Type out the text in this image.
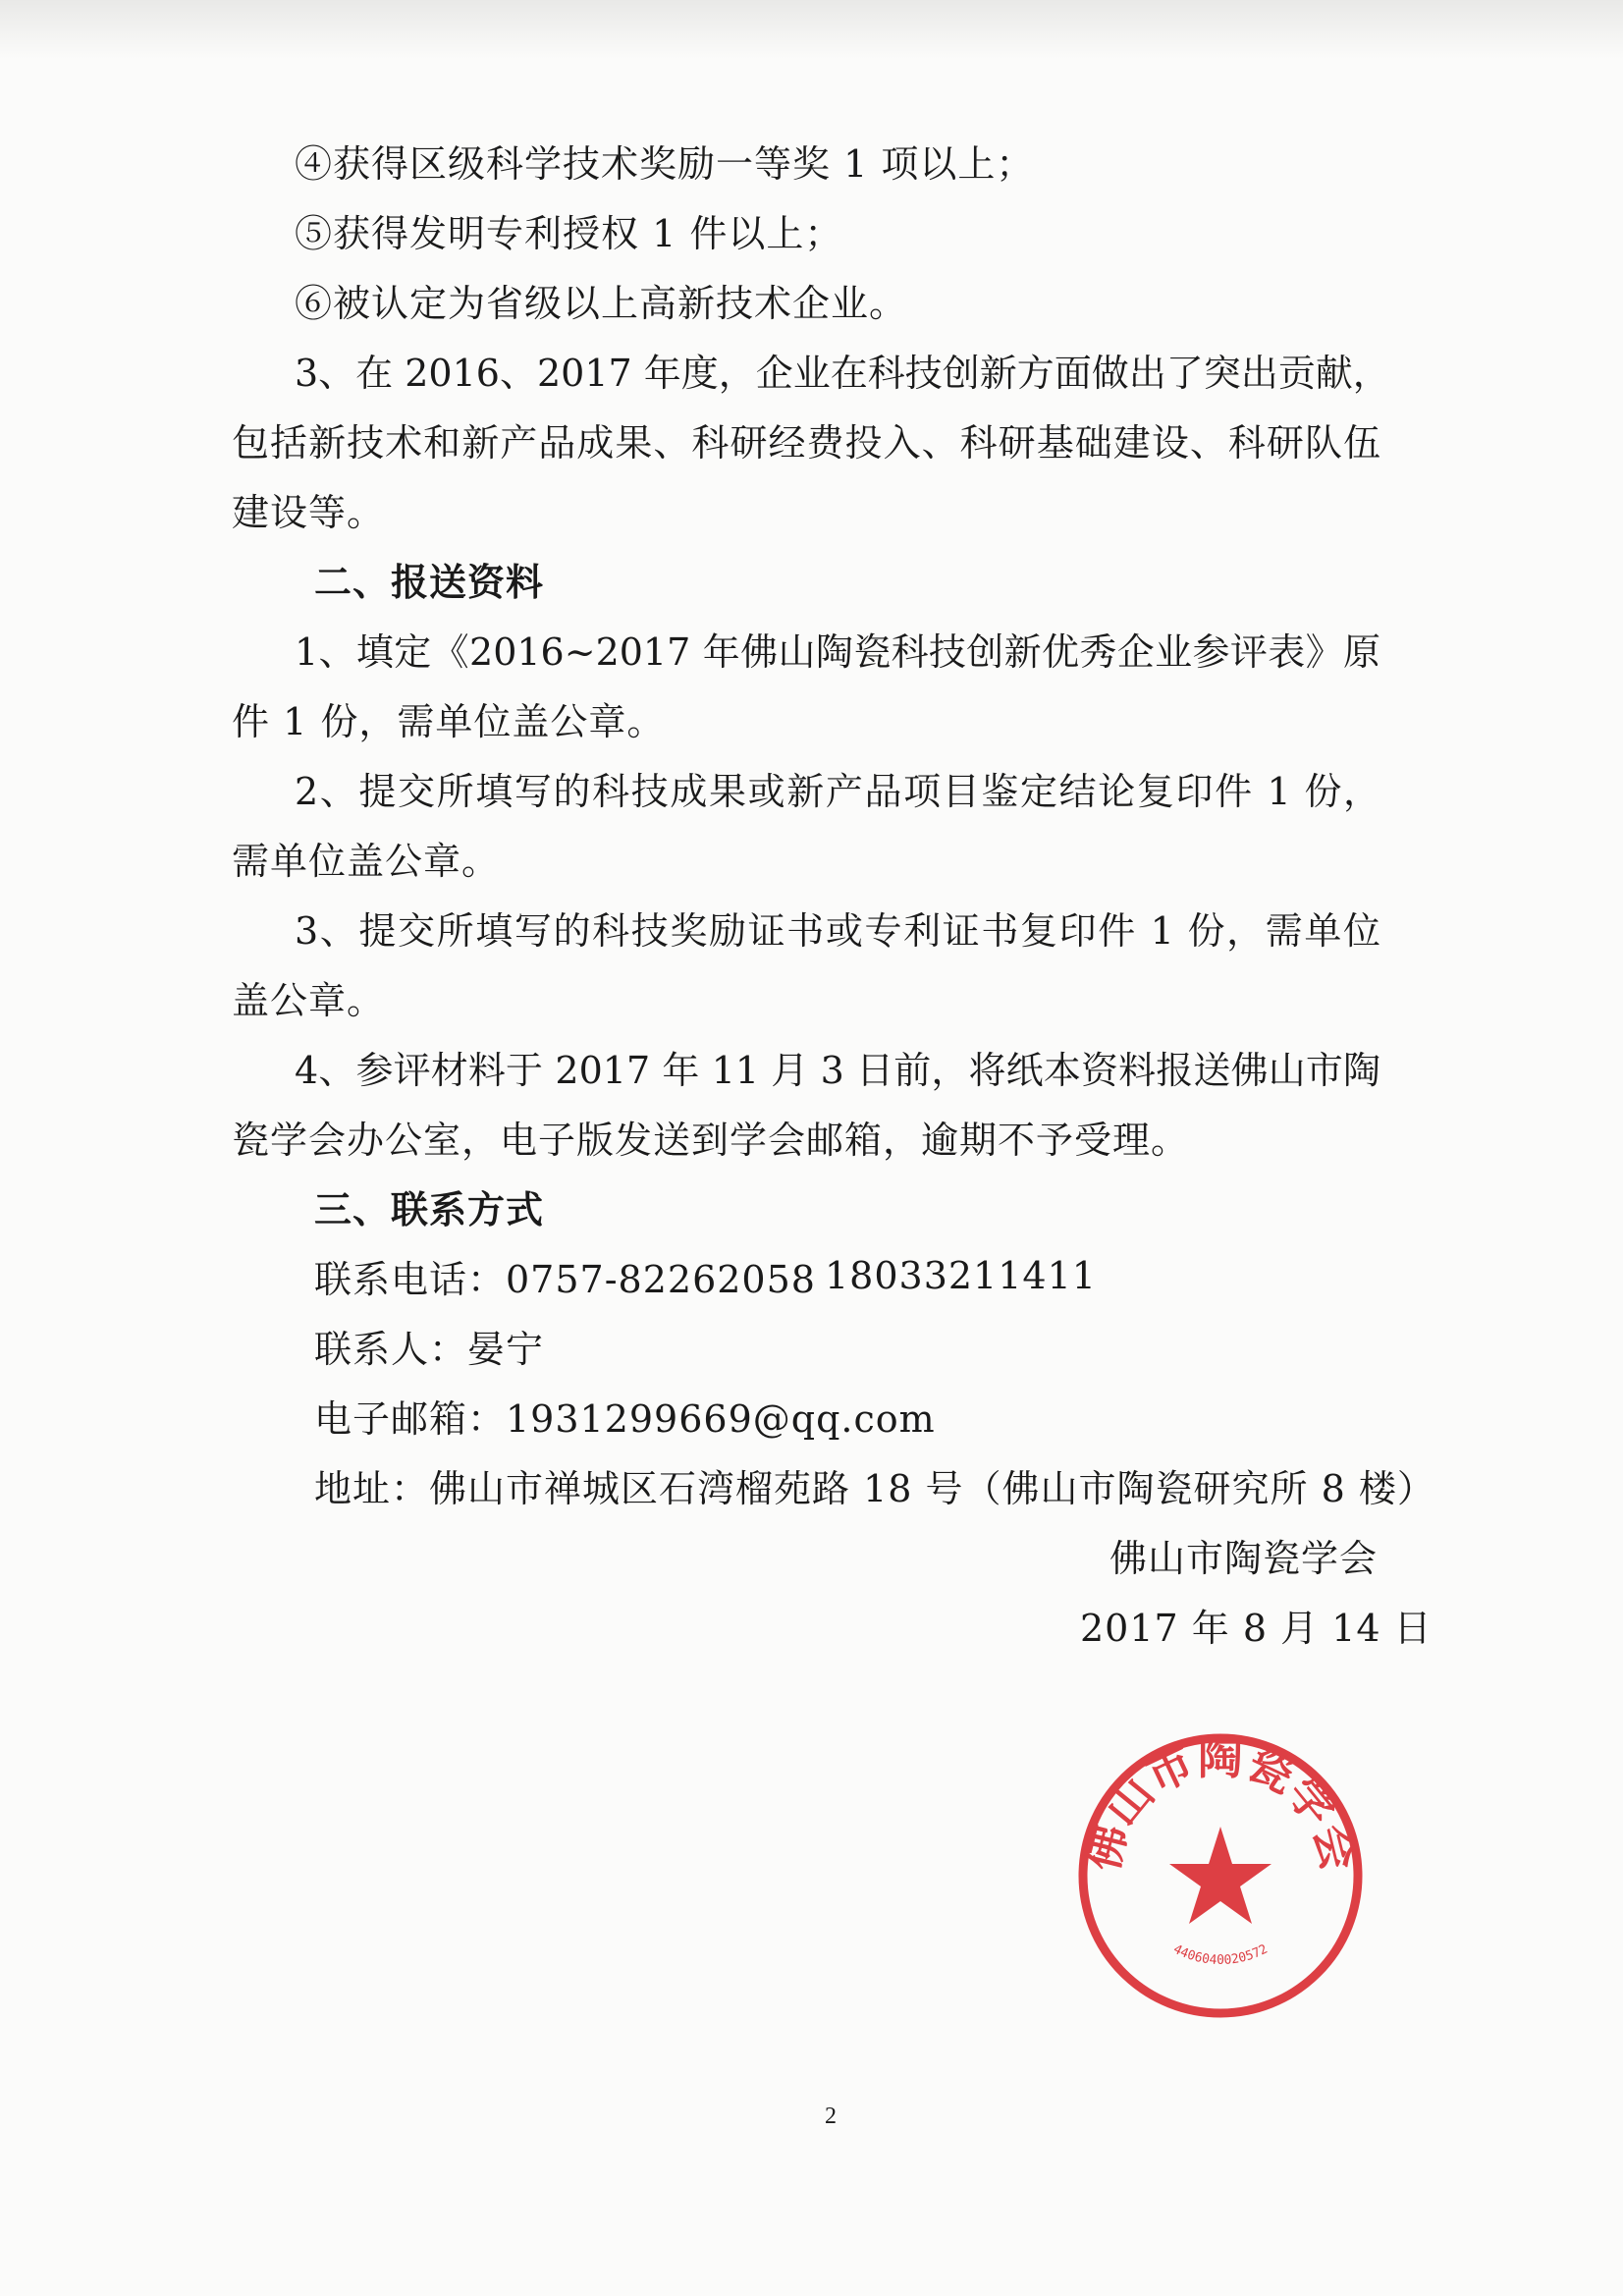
④获得区级科学技术奖励一等奖 1 项以上；
⑤获得发明专利授权 1 件以上；
⑥被认定为省级以上高新技术企业。
3、在 2016、2017 年度，企业在科技创新方面做出了突出贡献，
包括新技术和新产品成果、科研经费投入、科研基础建设、科研队伍
建设等。
二、报送资料
1、填定《2016~2017 年佛山陶瓷科技创新优秀企业参评表》原
件 1 份，需单位盖公章。
2、提交所填写的科技成果或新产品项目鉴定结论复印件 1 份，
需单位盖公章。
3、提交所填写的科技奖励证书或专利证书复印件 1 份，需单位
盖公章。
4、参评材料于 2017 年 11 月 3 日前，将纸本资料报送佛山市陶
瓷学会办公室，电子版发送到学会邮箱，逾期不予受理。
三、联系方式
联系电话：0757-82262058 18033211411
联系人：晏宁
电子邮箱：1931299669@qq.com
地址：佛山市禅城区石湾榴苑路 18 号（佛山市陶瓷研究所 8 楼）
佛山市陶瓷学会
2017 年 8 月 14 日
佛山市陶瓷学会
4406040020572
2
